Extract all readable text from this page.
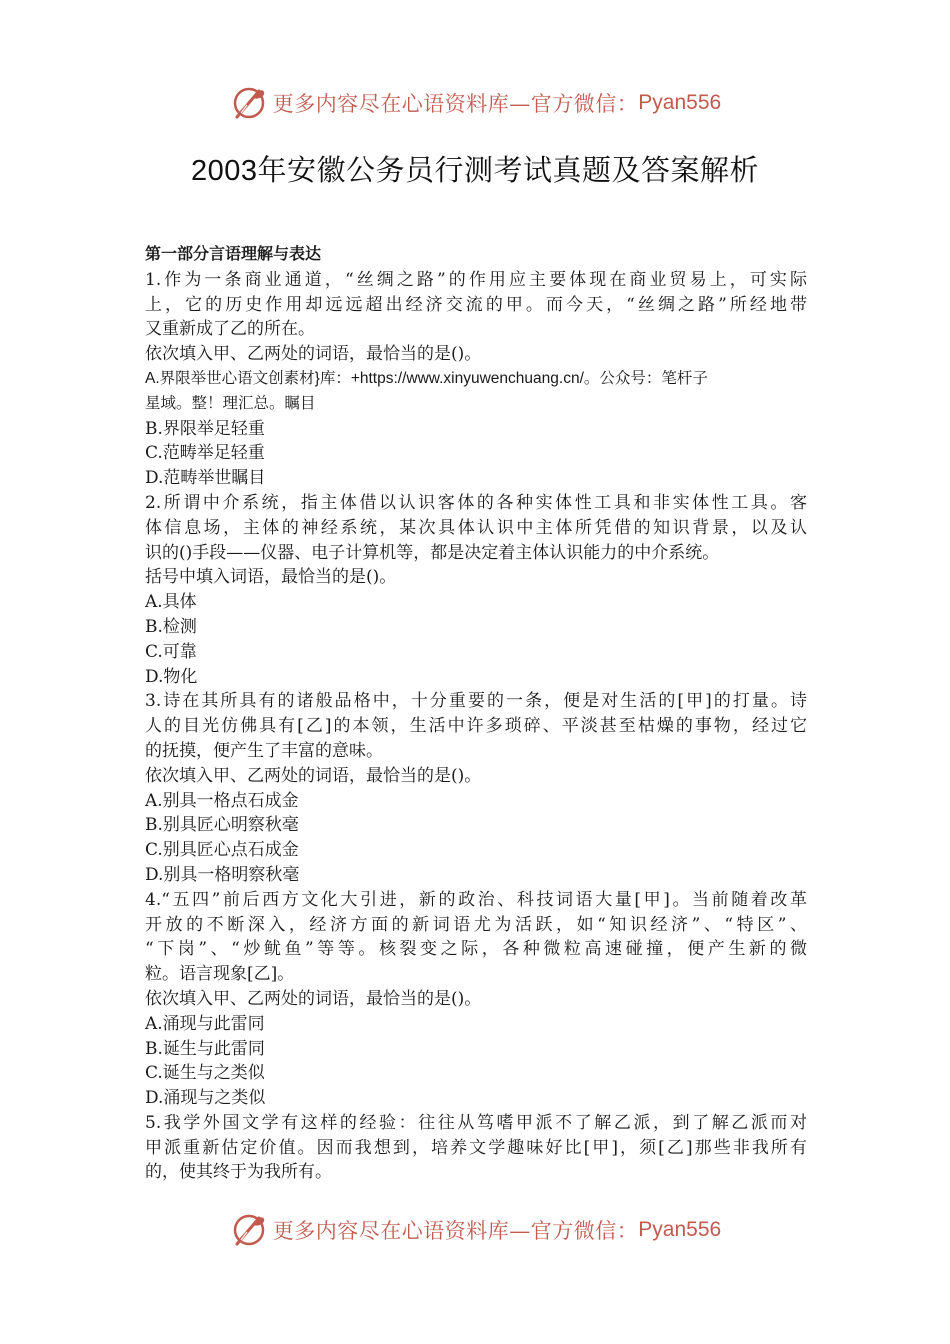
更多内容尽在心语资料库—官方微信： Pyan556
2003年安徽公务员行测考试真题及答案解析
第一部分言语理解与表达
1.作为一条商业通道，“丝绸之路”的作用应主要体现在商业贸易上，可实际
上，它的历史作用却远远超出经济交流的甲。而今天，“丝绸之路”所经地带
又重新成了乙的所在。
依次填入甲、乙两处的词语，最恰当的是()。
A.界限举世心语文创素材}库：+https://www.xinyuwenchuang.cn/。公众号：笔杆子
星域。整！理汇总。瞩目
B.界限举足轻重
C.范畴举足轻重
D.范畴举世瞩目
2.所谓中介系统，指主体借以认识客体的各种实体性工具和非实体性工具。客
体信息场，主体的神经系统，某次具体认识中主体所凭借的知识背景，以及认
识的()手段——仪器、电子计算机等，都是决定着主体认识能力的中介系统。
括号中填入词语，最恰当的是()。
A.具体
B.检测
C.可靠
D.物化
3.诗在其所具有的诸般品格中，十分重要的一条，便是对生活的[甲]的打量。诗
人的目光仿佛具有[乙]的本领，生活中许多琐碎、平淡甚至枯燥的事物，经过它
的抚摸，便产生了丰富的意味。
依次填入甲、乙两处的词语，最恰当的是()。
A.别具一格点石成金
B.别具匠心明察秋毫
C.别具匠心点石成金
D.别具一格明察秋毫
4.“五四”前后西方文化大引进，新的政治、科技词语大量[甲]。当前随着改革
开放的不断深入，经济方面的新词语尤为活跃，如“知识经济”、“特区”、
“下岗”、“炒鱿鱼”等等。核裂变之际，各种微粒高速碰撞，便产生新的微
粒。语言现象[乙]。
依次填入甲、乙两处的词语，最恰当的是()。
A.涌现与此雷同
B.诞生与此雷同
C.诞生与之类似
D.涌现与之类似
5.我学外国文学有这样的经验：往往从笃嗜甲派不了解乙派，到了解乙派而对
甲派重新估定价值。因而我想到，培养文学趣味好比[甲]，须[乙]那些非我所有
的，使其终于为我所有。
更多内容尽在心语资料库—官方微信： Pyan556
